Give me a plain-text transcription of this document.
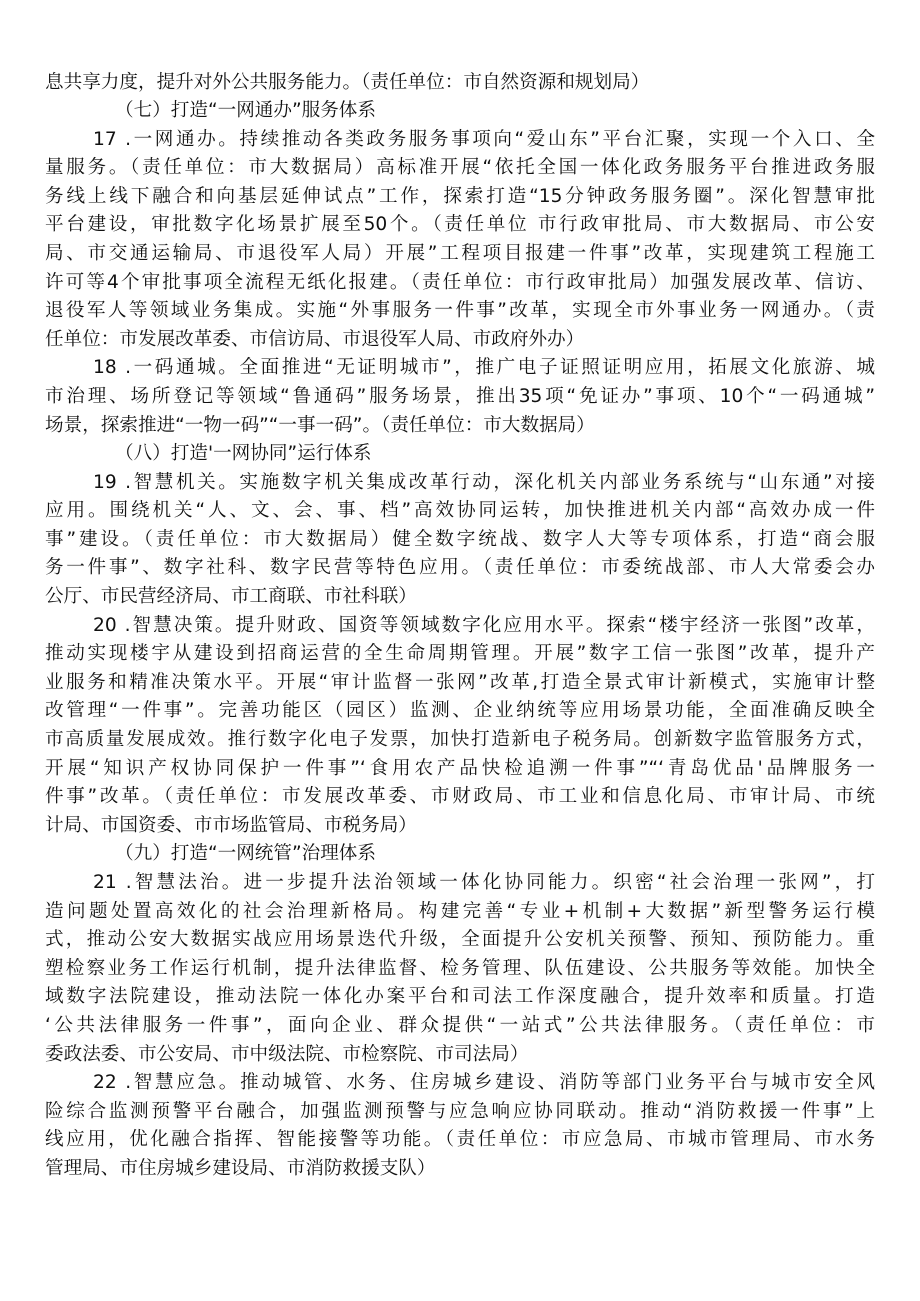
息共享力度，提升对外公共服务能力。（责任单位：市自然资源和规划局）
（七）打造“一网通办”服务体系
17 .一网通办。持续推动各类政务服务事项向“爱山东”平台汇聚，实现一个入口、全
量服务。（责任单位：市大数据局）高标准开展“依托全国一体化政务服务平台推进政务服
务线上线下融合和向基层延伸试点”工作，探索打造“15分钟政务服务圈”。深化智慧审批
平台建设，审批数字化场景扩展至50个。（责任单位 市行政审批局、市大数据局、市公安
局、市交通运输局、市退役军人局）开展”工程项目报建一件事”改革，实现建筑工程施工
许可等4个审批事项全流程无纸化报建。（责任单位：市行政审批局）加强发展改革、信访、
退役军人等领域业务集成。实施“外事服务一件事”改革，实现全市外事业务一网通办。（责
任单位：市发展改革委、市信访局、市退役军人局、市政府外办）
18 .一码通城。全面推进“无证明城市”，推广电子证照证明应用，拓展文化旅游、城
市治理、场所登记等领域“鲁通码”服务场景，推出35项“免证办”事项、10个“一码通城”
场景，探索推进“一物一码”“一事一码”。（责任单位：市大数据局）
（八）打造'一网协同”运行体系
19 .智慧机关。实施数字机关集成改革行动，深化机关内部业务系统与“山东通”对接
应用。围绕机关“人、文、会、事、档”高效协同运转，加快推进机关内部“高效办成一件
事”建设。（责任单位：市大数据局）健全数字统战、数字人大等专项体系，打造“商会服
务一件事”、数字社科、数字民营等特色应用。（责任单位：市委统战部、市人大常委会办
公厅、市民营经济局、市工商联、市社科联）
20 .智慧决策。提升财政、国资等领域数字化应用水平。探索“楼宇经济一张图”改革，
推动实现楼宇从建设到招商运营的全生命周期管理。开展”数字工信一张图”改革，提升产
业服务和精准决策水平。开展“审计监督一张网”改革,打造全景式审计新模式，实施审计整
改管理“一件事”。完善功能区（园区）监测、企业纳统等应用场景功能，全面准确反映全
市高质量发展成效。推行数字化电子发票，加快打造新电子税务局。创新数字监管服务方式，
开展“知识产权协同保护一件事”‘食用农产品快检追溯一件事”“‘青岛优品'品牌服务一
件事”改革。（责任单位：市发展改革委、市财政局、市工业和信息化局、市审计局、市统
计局、市国资委、市市场监管局、市税务局）
（九）打造“一网统管”治理体系
21 .智慧法治。进一步提升法治领域一体化协同能力。织密“社会治理一张网”，打
造问题处置高效化的社会治理新格局。构建完善“专业+机制+大数据”新型警务运行模
式，推动公安大数据实战应用场景迭代升级，全面提升公安机关预警、预知、预防能力。重
塑检察业务工作运行机制，提升法律监督、检务管理、队伍建设、公共服务等效能。加快全
域数字法院建设，推动法院一体化办案平台和司法工作深度融合，提升效率和质量。打造
‘公共法律服务一件事”，面向企业、群众提供“一站式”公共法律服务。（责任单位：市
委政法委、市公安局、市中级法院、市检察院、市司法局）
22 .智慧应急。推动城管、水务、住房城乡建设、消防等部门业务平台与城市安全风
险综合监测预警平台融合，加强监测预警与应急响应协同联动。推动“消防救援一件事”上
线应用，优化融合指挥、智能接警等功能。（责任单位：市应急局、市城市管理局、市水务
管理局、市住房城乡建设局、市消防救援支队）
